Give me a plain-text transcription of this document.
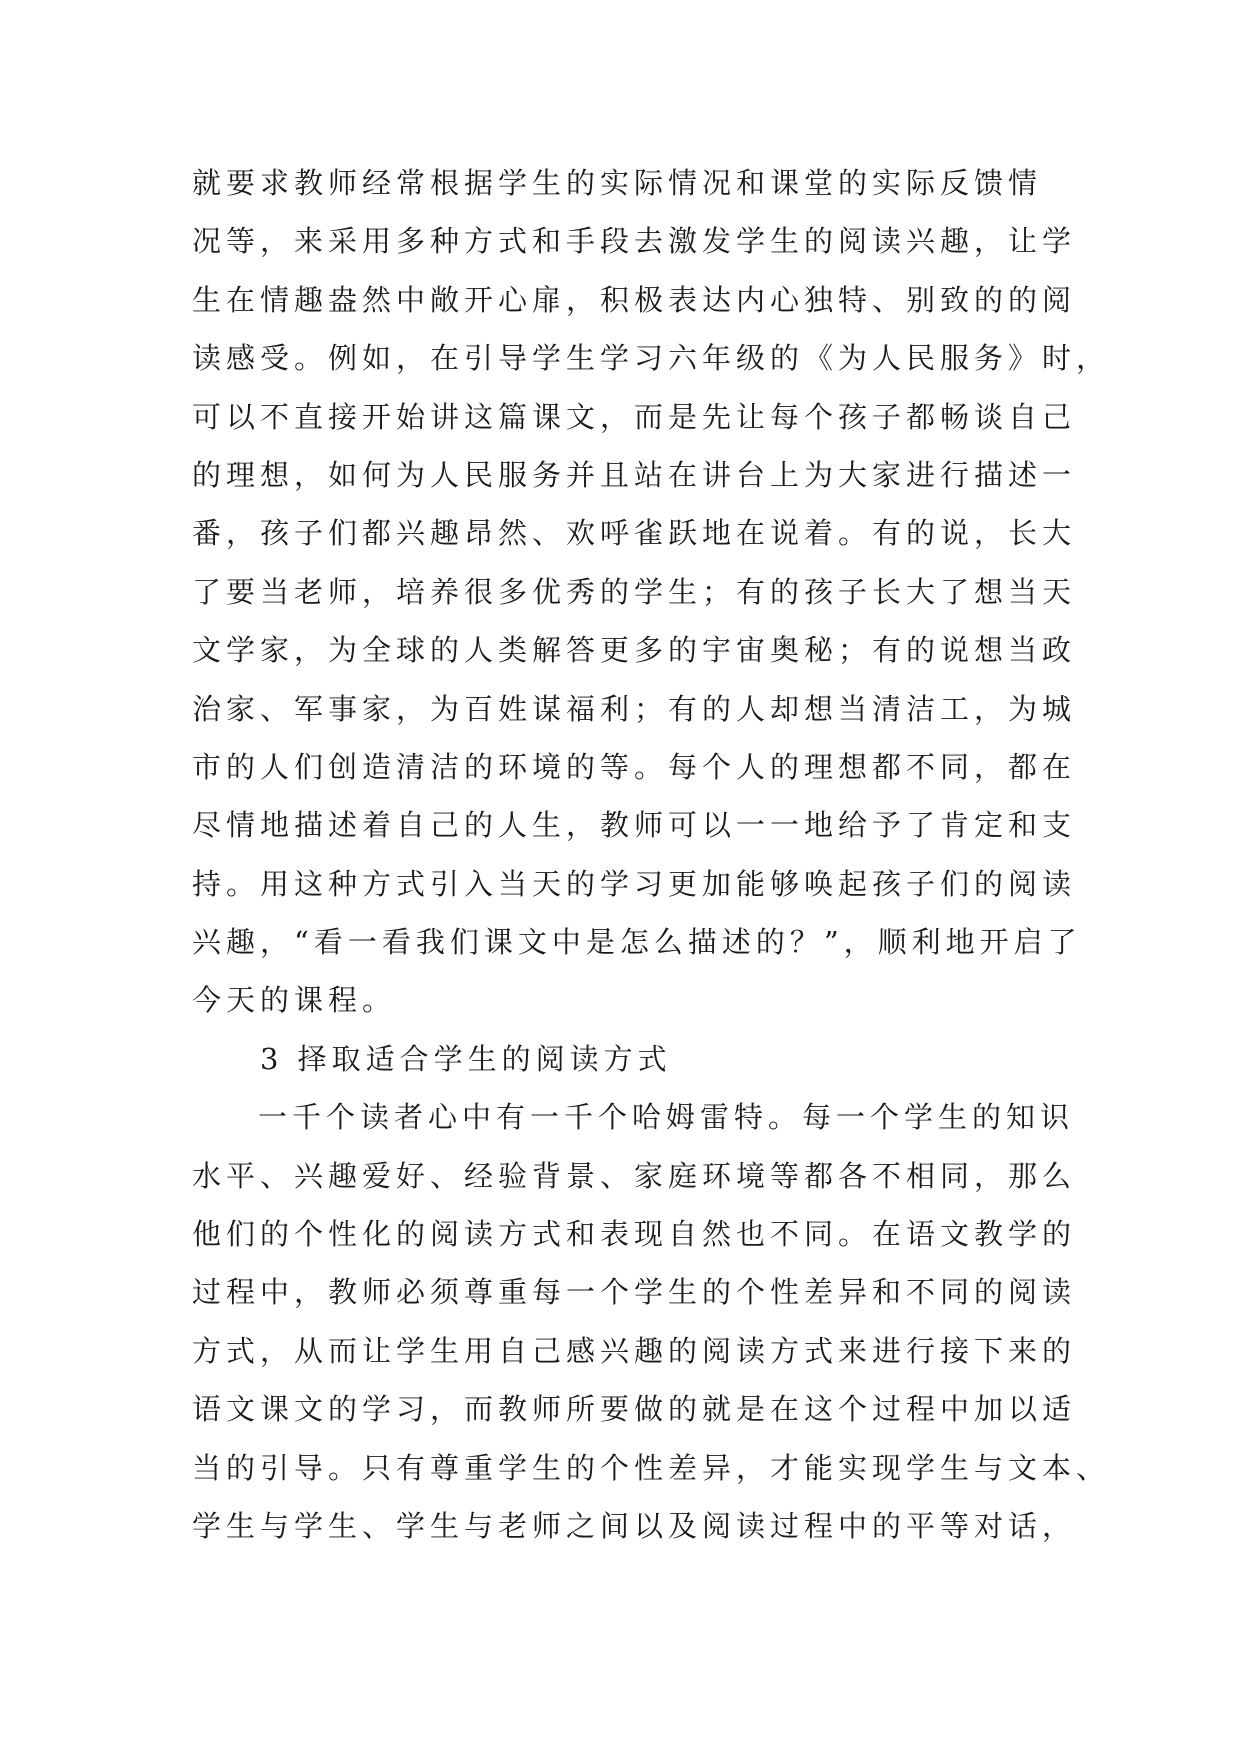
就要求教师经常根据学生的实际情况和课堂的实际反馈情
况等，来采用多种方式和手段去激发学生的阅读兴趣，让学
生在情趣盎然中敞开心扉，积极表达内心独特、别致的的阅
读感受。例如，在引导学生学习六年级的《为人民服务》时，
可以不直接开始讲这篇课文，而是先让每个孩子都畅谈自己
的理想，如何为人民服务并且站在讲台上为大家进行描述一
番，孩子们都兴趣昂然、欢呼雀跃地在说着。有的说，长大
了要当老师，培养很多优秀的学生；有的孩子长大了想当天
文学家，为全球的人类解答更多的宇宙奥秘；有的说想当政
治家、军事家，为百姓谋福利；有的人却想当清洁工，为城
市的人们创造清洁的环境的等。每个人的理想都不同，都在
尽情地描述着自己的人生，教师可以一一地给予了肯定和支
持。用这种方式引入当天的学习更加能够唤起孩子们的阅读
兴趣，“看一看我们课文中是怎么描述的？”，顺利地开启了
今天的课程。
3 择取适合学生的阅读方式
一千个读者心中有一千个哈姆雷特。每一个学生的知识
水平、兴趣爱好、经验背景、家庭环境等都各不相同，那么
他们的个性化的阅读方式和表现自然也不同。在语文教学的
过程中，教师必须尊重每一个学生的个性差异和不同的阅读
方式，从而让学生用自己感兴趣的阅读方式来进行接下来的
语文课文的学习，而教师所要做的就是在这个过程中加以适
当的引导。只有尊重学生的个性差异，才能实现学生与文本、
学生与学生、学生与老师之间以及阅读过程中的平等对话，
